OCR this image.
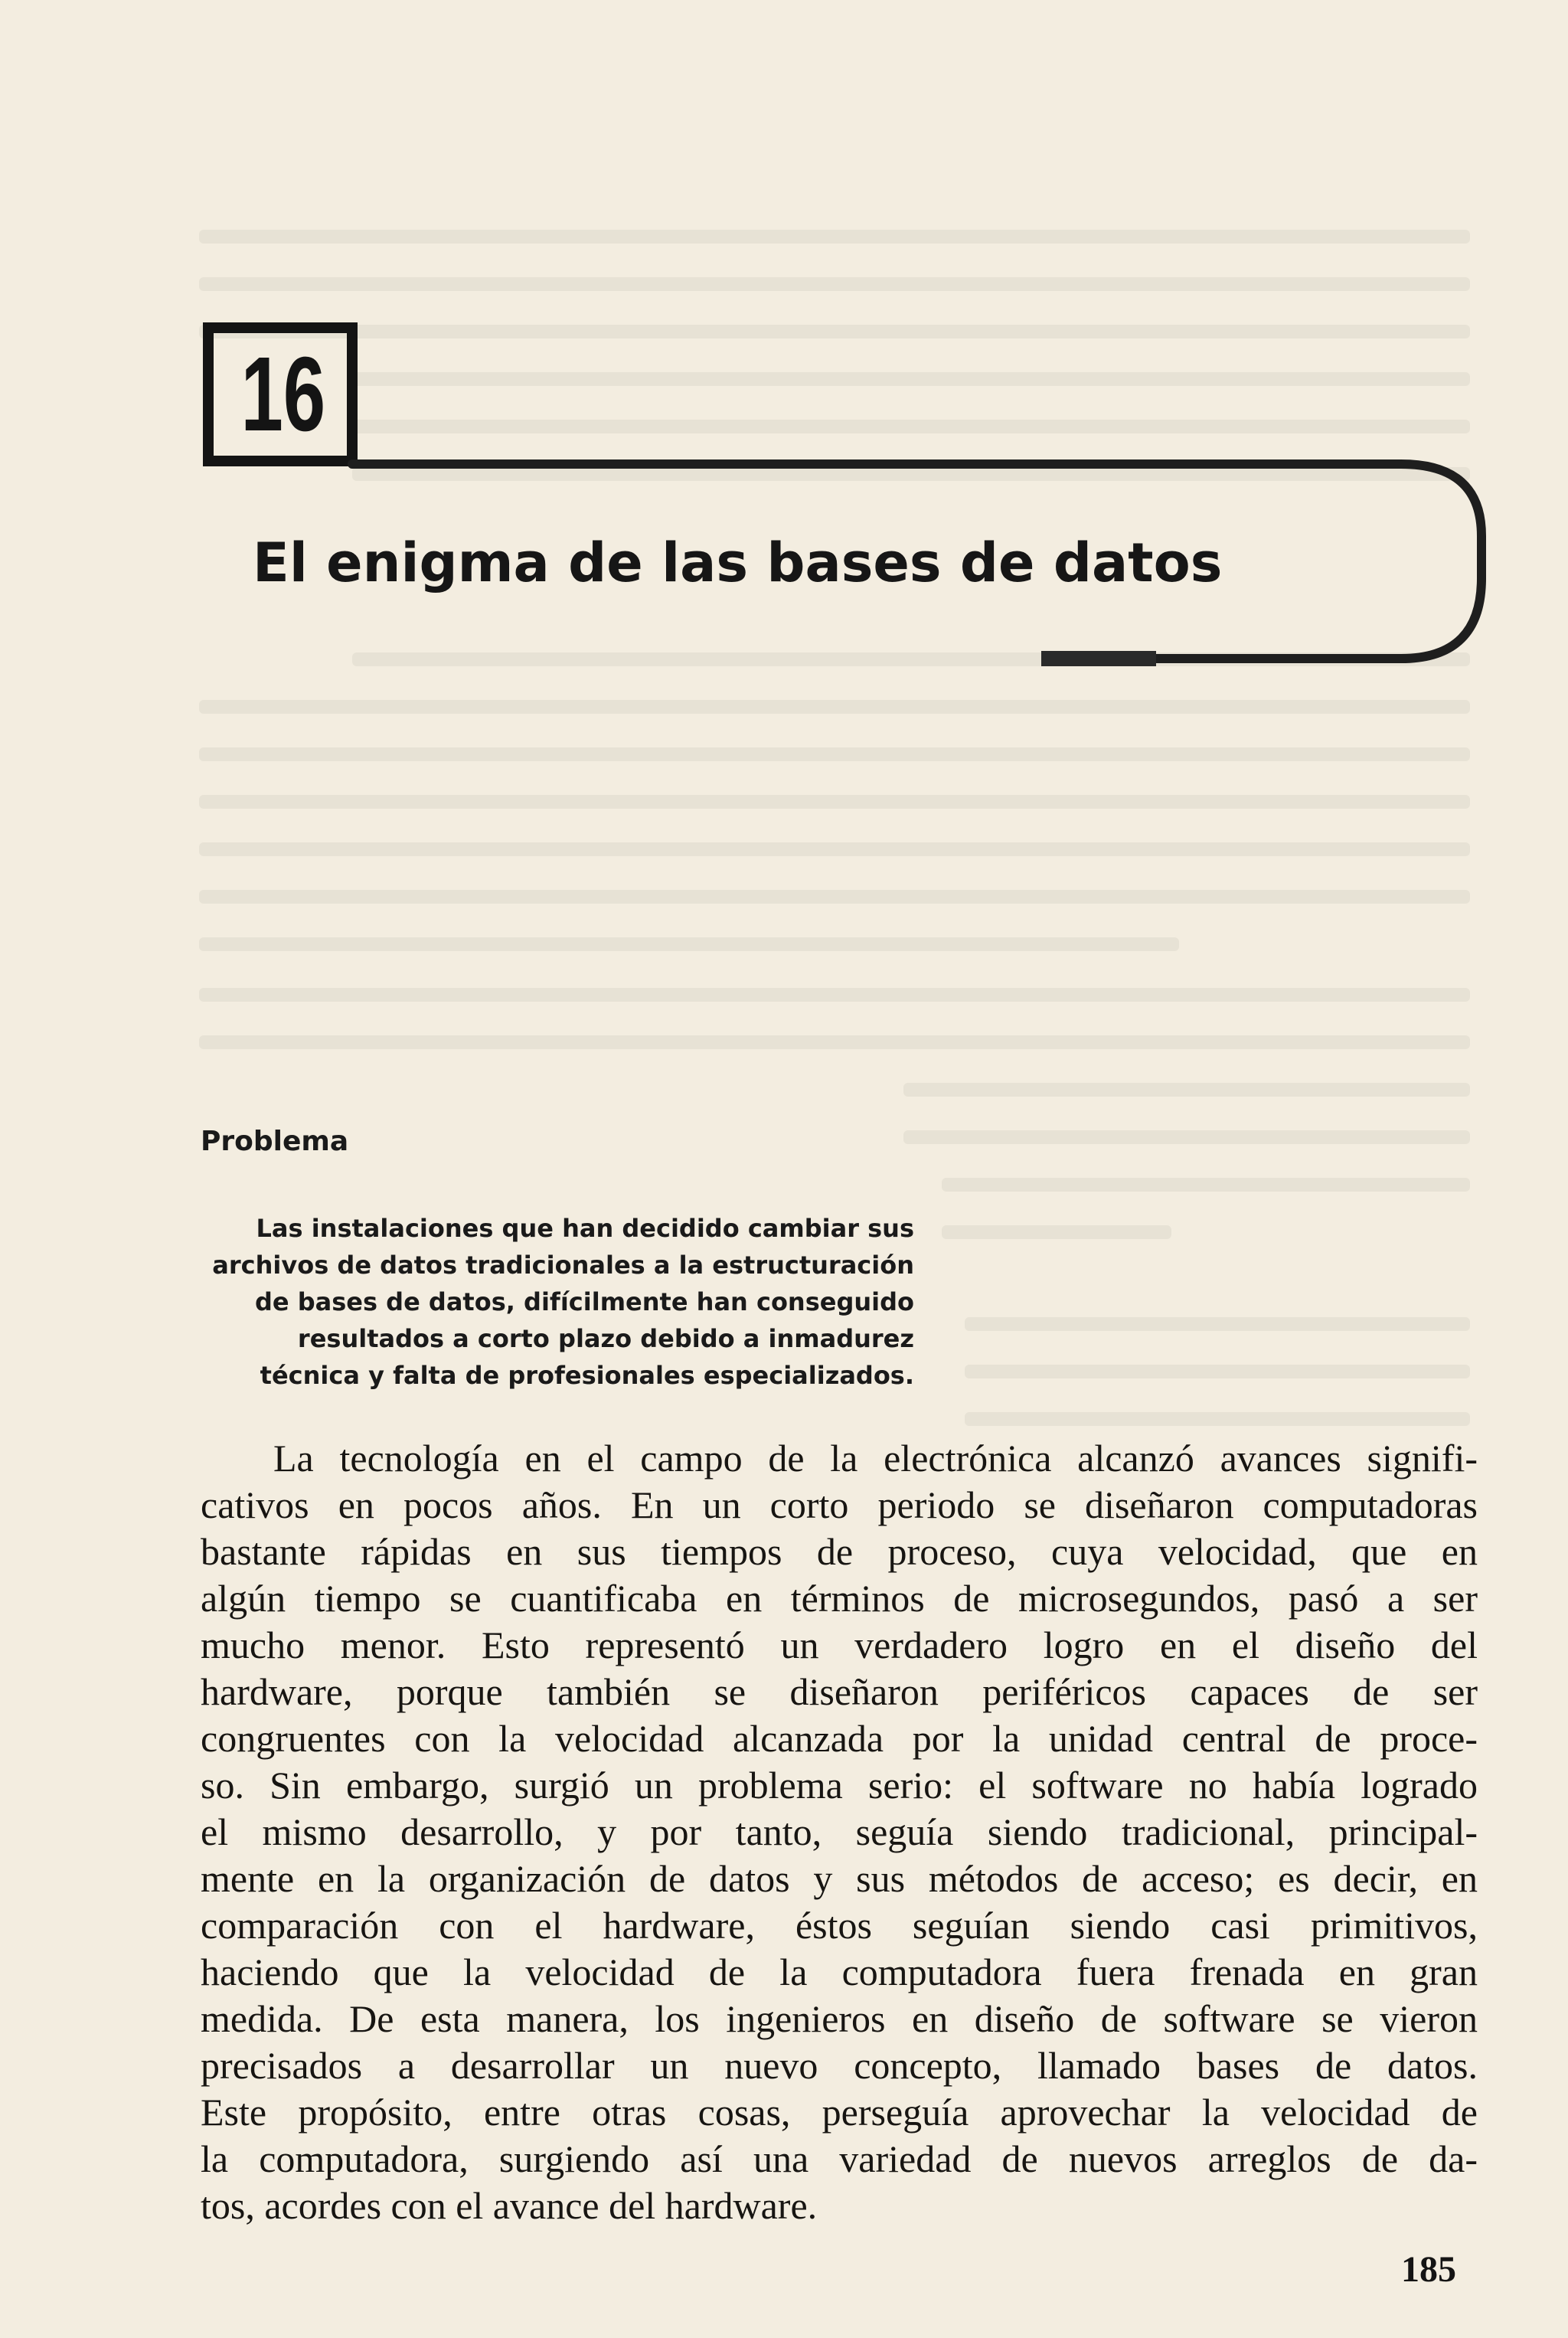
16
El enigma de las bases de datos
Problema
Las instalaciones que han decidido cambiar sus
archivos de datos tradicionales a la estructuración
de bases de datos, difícilmente han conseguido
resultados a corto plazo debido a inmadurez
técnica y falta de profesionales especializados.
La tecnología en el campo de la electrónica alcanzó avances signifi-
cativos en pocos años. En un corto periodo se diseñaron computadoras
bastante rápidas en sus tiempos de proceso, cuya velocidad, que en
algún tiempo se cuantificaba en términos de microsegundos, pasó a ser
mucho menor. Esto representó un verdadero logro en el diseño del
hardware, porque también se diseñaron periféricos capaces de ser
congruentes con la velocidad alcanzada por la unidad central de proce-
so. Sin embargo, surgió un problema serio: el software no había logrado
el mismo desarrollo, y por tanto, seguía siendo tradicional, principal-
mente en la organización de datos y sus métodos de acceso; es decir, en
comparación con el hardware, éstos seguían siendo casi primitivos,
haciendo que la velocidad de la computadora fuera frenada en gran
medida. De esta manera, los ingenieros en diseño de software se vieron
precisados a desarrollar un nuevo concepto, llamado bases de datos.
Este propósito, entre otras cosas, perseguía aprovechar la velocidad de
la computadora, surgiendo así una variedad de nuevos arreglos de da-
tos, acordes con el avance del hardware.
185
